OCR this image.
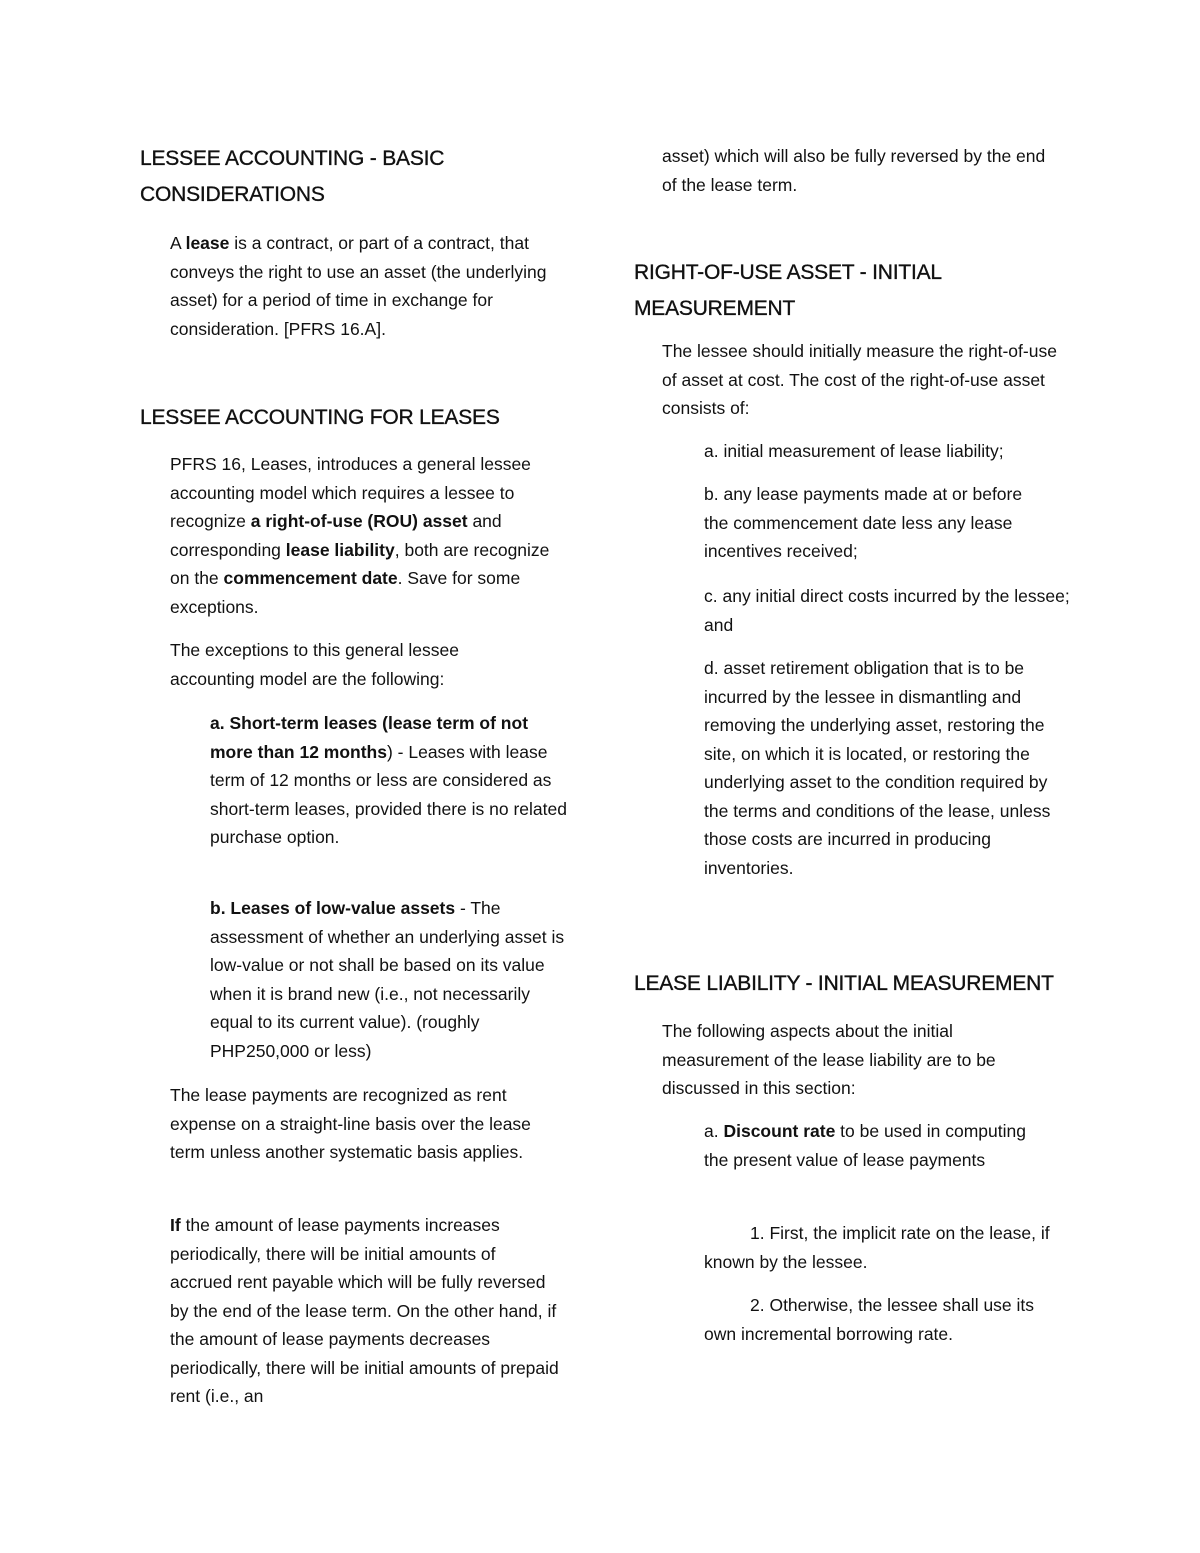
LESSEE ACCOUNTING - BASIC CONSIDERATIONS

A lease is a contract, or part of a contract, that conveys the right to use an asset (the underlying asset) for a period of time in exchange for consideration. [PFRS 16.A].

LESSEE ACCOUNTING FOR LEASES

PFRS 16, Leases, introduces a general lessee accounting model which requires a lessee to recognize a right-of-use (ROU) asset and corresponding lease liability, both are recognize on the commencement date. Save for some exceptions.

The exceptions to this general lessee accounting model are the following:

a. Short-term leases (lease term of not more than 12 months) - Leases with lease term of 12 months or less are considered as short-term leases, provided there is no related purchase option.

b. Leases of low-value assets - The assessment of whether an underlying asset is low-value or not shall be based on its value when it is brand new (i.e., not necessarily equal to its current value). (roughly PHP250,000 or less)

The lease payments are recognized as rent expense on a straight-line basis over the lease term unless another systematic basis applies.

If the amount of lease payments increases periodically, there will be initial amounts of accrued rent payable which will be fully reversed by the end of the lease term. On the other hand, if the amount of lease payments decreases periodically, there will be initial amounts of prepaid rent (i.e., an

asset) which will also be fully reversed by the end of the lease term.

RIGHT-OF-USE ASSET - INITIAL MEASUREMENT

The lessee should initially measure the right-of-use of asset at cost. The cost of the right-of-use asset consists of:

a. initial measurement of lease liability;

b. any lease payments made at or before the commencement date less any lease incentives received;

c. any initial direct costs incurred by the lessee; and

d. asset retirement obligation that is to be incurred by the lessee in dismantling and removing the underlying asset, restoring the site, on which it is located, or restoring the underlying asset to the condition required by the terms and conditions of the lease, unless those costs are incurred in producing inventories.

LEASE LIABILITY - INITIAL MEASUREMENT

The following aspects about the initial measurement of the lease liability are to be discussed in this section:

a. Discount rate to be used in computing the present value of lease payments

1. First, the implicit rate on the lease, if known by the lessee.

2. Otherwise, the lessee shall use its own incremental borrowing rate.
